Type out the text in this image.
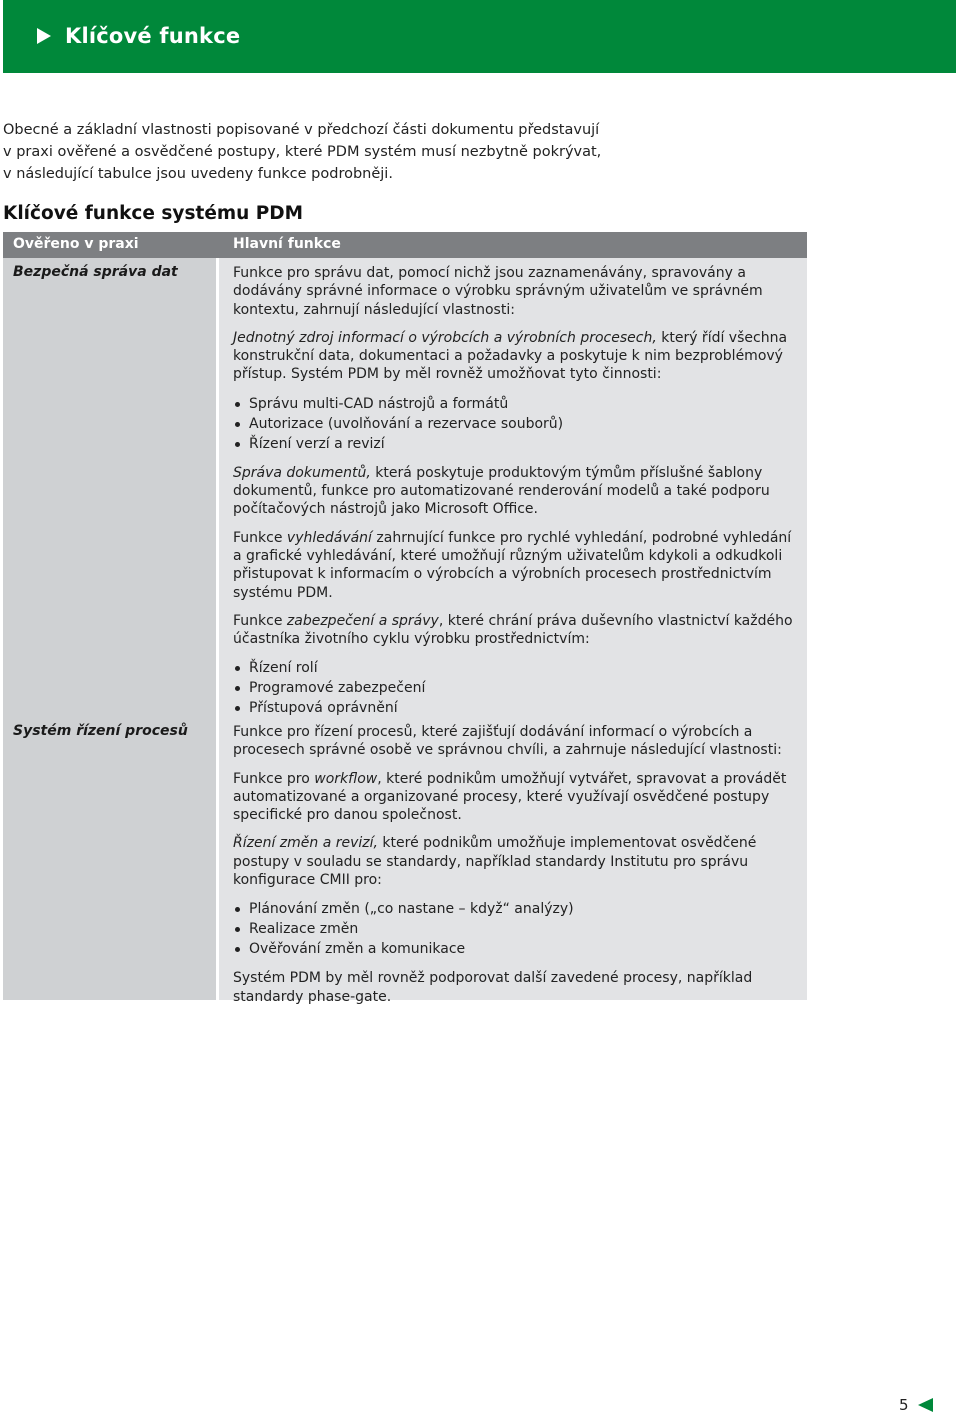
Klíčové funkce
Obecné a základní vlastnosti popisované v předchozí části dokumentu představují
v praxi ověřené a osvědčené postupy, které PDM systém musí nezbytně pokrývat,
v následující tabulce jsou uvedeny funkce podrobněji.
Klíčové funkce systému PDM
Ověřeno v praxi	Hlavní funkce
Bezpečná správa dat	Funkce pro správu dat, pomocí nichž jsou zaznamenávány, spravovány a dodávány správné informace o výrobku správným uživatelům ve správném kontextu, zahrnují následující vlastnosti:

Jednotný zdroj informací o výrobcích a výrobních procesech, který řídí všechna konstrukční data, dokumentaci a požadavky a poskytuje k nim bezproblémový přístup. Systém PDM by měl rovněž umožňovat tyto činnosti:

Správu multi-CAD nástrojů a formátů
Autorizace (uvolňování a rezervace souborů)
Řízení verzí a revizí

Správa dokumentů, která poskytuje produktovým týmům příslušné šablony dokumentů, funkce pro automatizované renderování modelů a také podporu počítačových nástrojů jako Microsoft Office.

Funkce vyhledávání zahrnující funkce pro rychlé vyhledání, podrobné vyhledání a grafické vyhledávání, které umožňují různým uživatelům kdykoli a odkudkoli přistupovat k informacím o výrobcích a výrobních procesech prostřednictvím systému PDM.

Funkce zabezpečení a správy, které chrání práva duševního vlastnictví každého účastníka životního cyklu výrobku prostřednictvím:

Řízení rolí
Programové zabezpečení
Přístupová oprávnění
Systém řízení procesů	Funkce pro řízení procesů, které zajišťují dodávání informací o výrobcích a procesech správné osobě ve správnou chvíli, a zahrnuje následující vlastnosti:

Funkce pro workflow, které podnikům umožňují vytvářet, spravovat a provádět automatizované a organizované procesy, které využívají osvědčené postupy specifické pro danou společnost.

Řízení změn a revizí, které podnikům umožňuje implementovat osvědčené postupy v souladu se standardy, například standardy Institutu pro správu konfigurace CMII pro:

Plánování změn („co nastane – když“ analýzy)
Realizace změn
Ověřování změn a komunikace

Systém PDM by měl rovněž podporovat další zavedené procesy, například standardy phase-gate.

5
